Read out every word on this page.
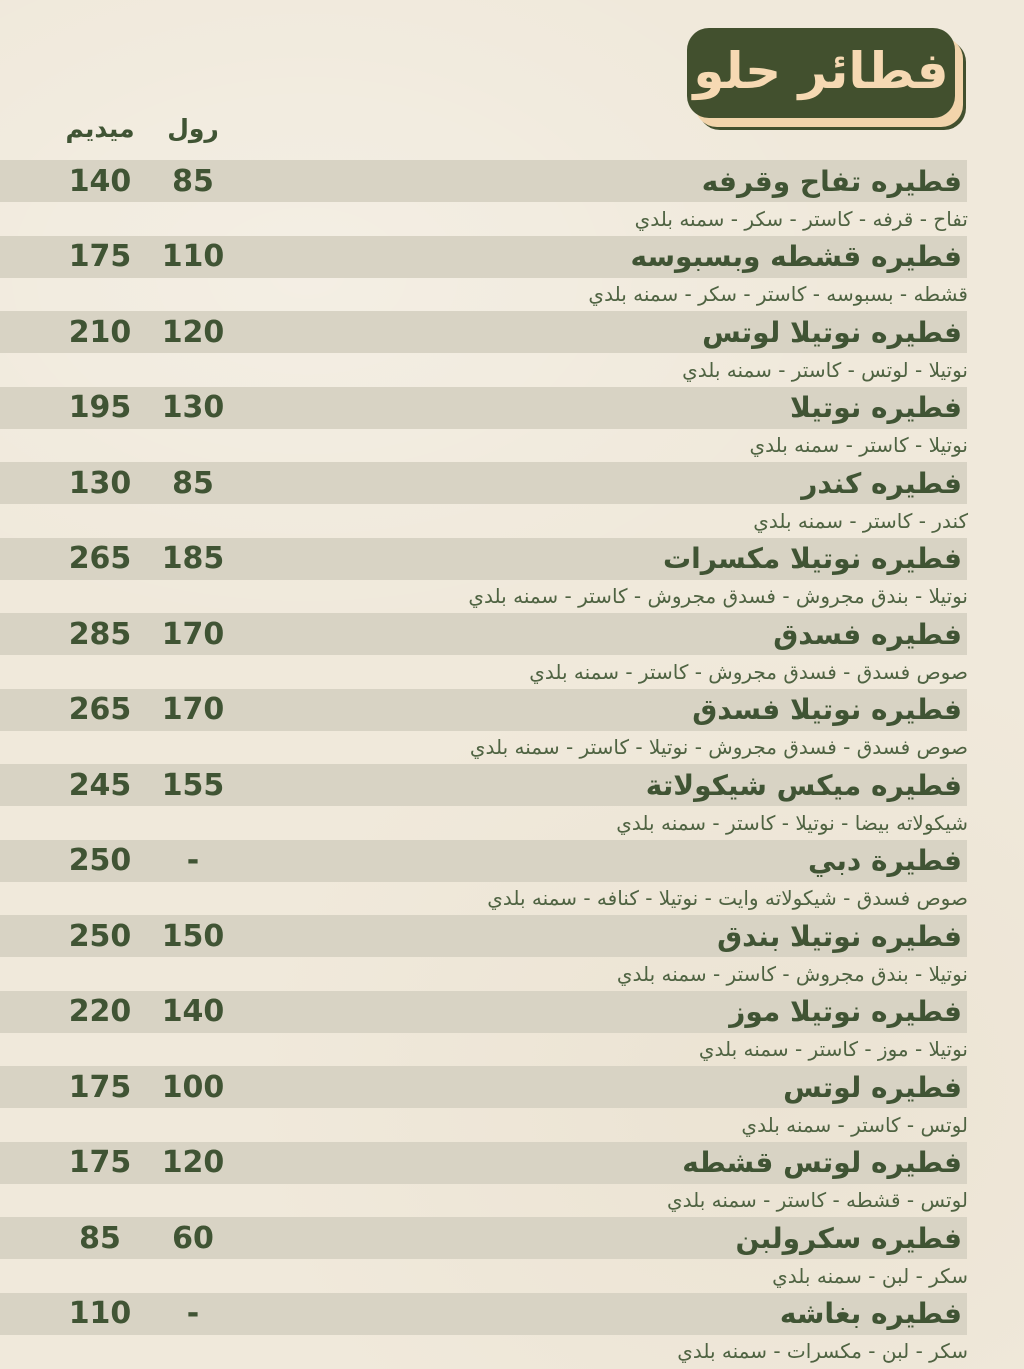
فطائر حلو
ميديم	رول
140	85	فطيره تفاح وقرفه
تفاح - قرفه - كاستر - سكر - سمنه بلدي
175	110	فطيره قشطه وبسبوسه
قشطه - بسبوسه - كاستر - سكر - سمنه بلدي
210	120	فطيره نوتيلا لوتس
نوتيلا - لوتس - كاستر - سمنه بلدي
195	130	فطيره نوتيلا
نوتيلا - كاستر - سمنه بلدي
130	85	فطيره كندر
كندر - كاستر - سمنه بلدي
265	185	فطيره نوتيلا مكسرات
نوتيلا - بندق مجروش - فسدق مجروش - كاستر - سمنه بلدي
285	170	فطيره فسدق
صوص فسدق - فسدق مجروش - كاستر - سمنه بلدي
265	170	فطيره نوتيلا فسدق
صوص فسدق - فسدق مجروش - نوتيلا - كاستر - سمنه بلدي
245	155	فطيره ميكس شيكولاتة
شيكولاته بيضا - نوتيلا - كاستر - سمنه بلدي
250	-	فطيرة دبي
صوص فسدق - شيكولاته وايت - نوتيلا - كنافه - سمنه بلدي
250	150	فطيره نوتيلا بندق
نوتيلا - بندق مجروش - كاستر - سمنه بلدي
220	140	فطيره نوتيلا موز
نوتيلا - موز - كاستر - سمنه بلدي
175	100	فطيره لوتس
لوتس - كاستر - سمنه بلدي
175	120	فطيره لوتس قشطه
لوتس - قشطه - كاستر - سمنه بلدي
85	60	فطيره سكرولبن
سكر - لبن - سمنه بلدي
110	-	فطيره بغاشه
سكر - لبن - مكسرات - سمنه بلدي
